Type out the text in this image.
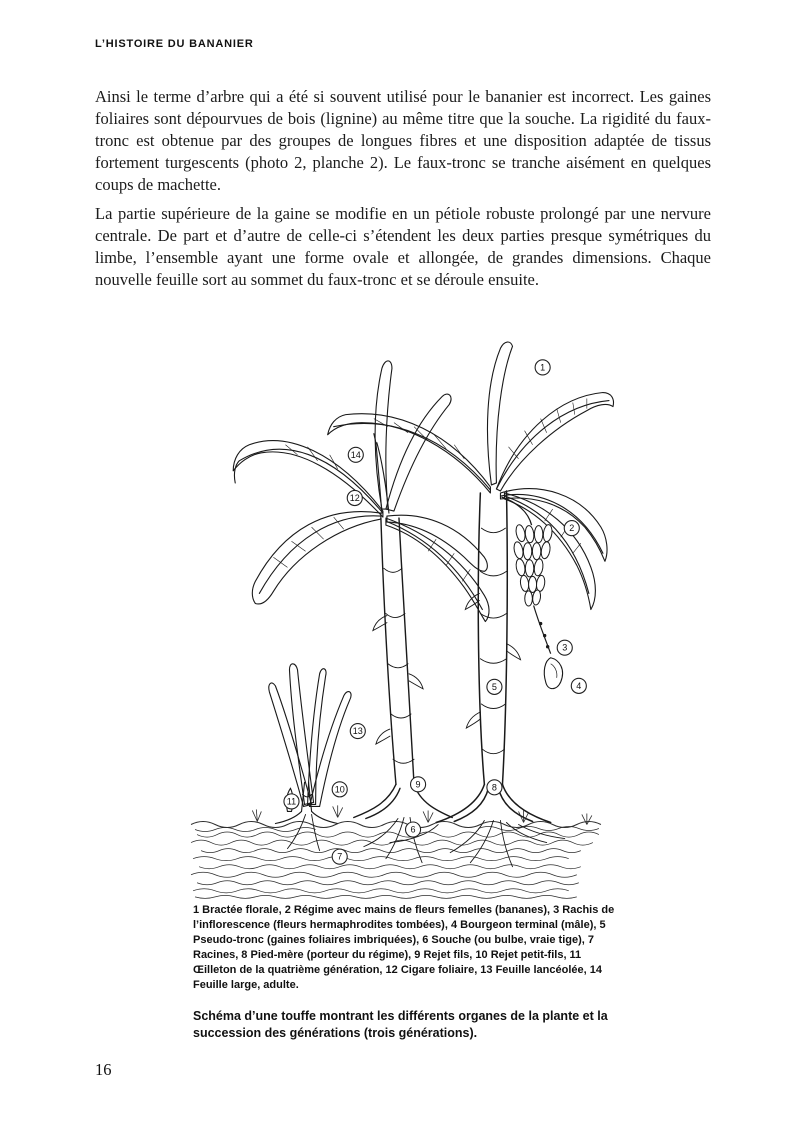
L’HISTOIRE DU BANANIER

Ainsi le terme d’arbre qui a été si souvent utilisé pour le bananier est incorrect. Les gaines foliaires sont dépourvues de bois (lignine) au même titre que la souche. La rigidité du faux-tronc est obtenue par des groupes de longues fibres et une disposition adaptée de tissus fortement turgescents (photo 2, planche 2). Le faux-tronc se tranche aisément en quelques coups de machette.

La partie supérieure de la gaine se modifie en un pétiole robuste prolongé par une nervure centrale. De part et d’autre de celle-ci s’étendent les deux parties presque symétriques du limbe, l’ensemble ayant une forme ovale et allongée, de grandes dimensions. Chaque nouvelle feuille sort au sommet du faux-tronc et se déroule ensuite.

1
2
3
4
5
6
7
8
9
10
11
12
13
14
1 Bractée florale, 2 Régime avec mains de fleurs femelles (bananes), 3 Rachis de l’inflorescence (fleurs hermaphrodites tombées), 4 Bourgeon terminal (mâle), 5 Pseudo-tronc (gaines foliaires imbriquées), 6 Souche (ou bulbe, vraie tige), 7 Racines, 8 Pied-mère (porteur du régime), 9 Rejet fils, 10 Rejet petit-fils, 11 Œilleton de la quatrième génération, 12 Cigare foliaire, 13 Feuille lancéolée, 14 Feuille large, adulte.
Schéma d’une touffe montrant les différents organes de la plante et la succession des générations (trois générations).
16
